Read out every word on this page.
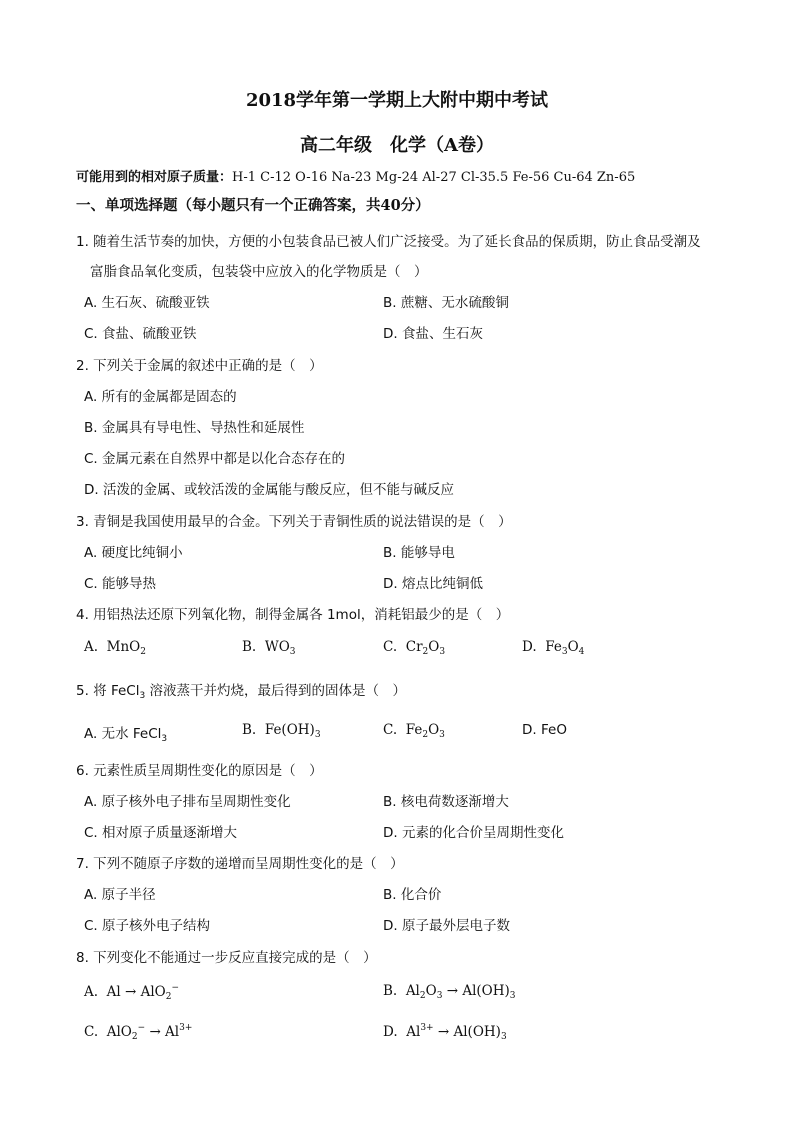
2018学年第一学期上大附中期中考试
高二年级　化学（A卷）
可能用到的相对原子质量：H-1 C-12 O-16 Na-23 Mg-24 Al-27 Cl-35.5 Fe-56 Cu-64 Zn-65
一、单项选择题（每小题只有一个正确答案，共40分）
1. 随着生活节奏的加快，方便的小包装食品已被人们广泛接受。为了延长食品的保质期，防止食品受潮及
富脂食品氧化变质，包装袋中应放入的化学物质是（　）
A. 生石灰、硫酸亚铁	B. 蔗糖、无水硫酸铜
C. 食盐、硫酸亚铁	D. 食盐、生石灰
2. 下列关于金属的叙述中正确的是（　）
A. 所有的金属都是固态的
B. 金属具有导电性、导热性和延展性
C. 金属元素在自然界中都是以化合态存在的
D. 活泼的金属、或较活泼的金属能与酸反应，但不能与碱反应
3. 青铜是我国使用最早的合金。下列关于青铜性质的说法错误的是（　）
A. 硬度比纯铜小	B. 能够导电
C. 能够导热	D. 熔点比纯铜低
4. 用铝热法还原下列氧化物，制得金属各 1mol，消耗铝最少的是（　）
A. MnO$_2$	B. $WO_3$	C. $Cr_2O_3$	D. $Fe_3O_4$
5. 将 FeCl$_3$ 溶液蒸干并灼烧，最后得到的固体是（　）
A. 无水 FeCl$_3$
B. $Fe(OH)_3$	C. $Fe_2O_3$	D. FeO
6. 元素性质呈周期性变化的原因是（　）
A. 原子核外电子排布呈周期性变化	B. 核电荷数逐渐增大
C. 相对原子质量逐渐增大	D. 元素的化合价呈周期性变化
7. 下列不随原子序数的递增而呈周期性变化的是（　）
A. 原子半径	B. 化合价
C. 原子核外电子结构	D. 原子最外层电子数
8. 下列变化不能通过一步反应直接完成的是（　）
A. Al → AlO$_2$−	B. $Al_2O_3 \to Al(OH)_3$
C. $AlO_2^- \to Al^{3+}$	D. $Al^{3+} \to Al(OH)_3$
